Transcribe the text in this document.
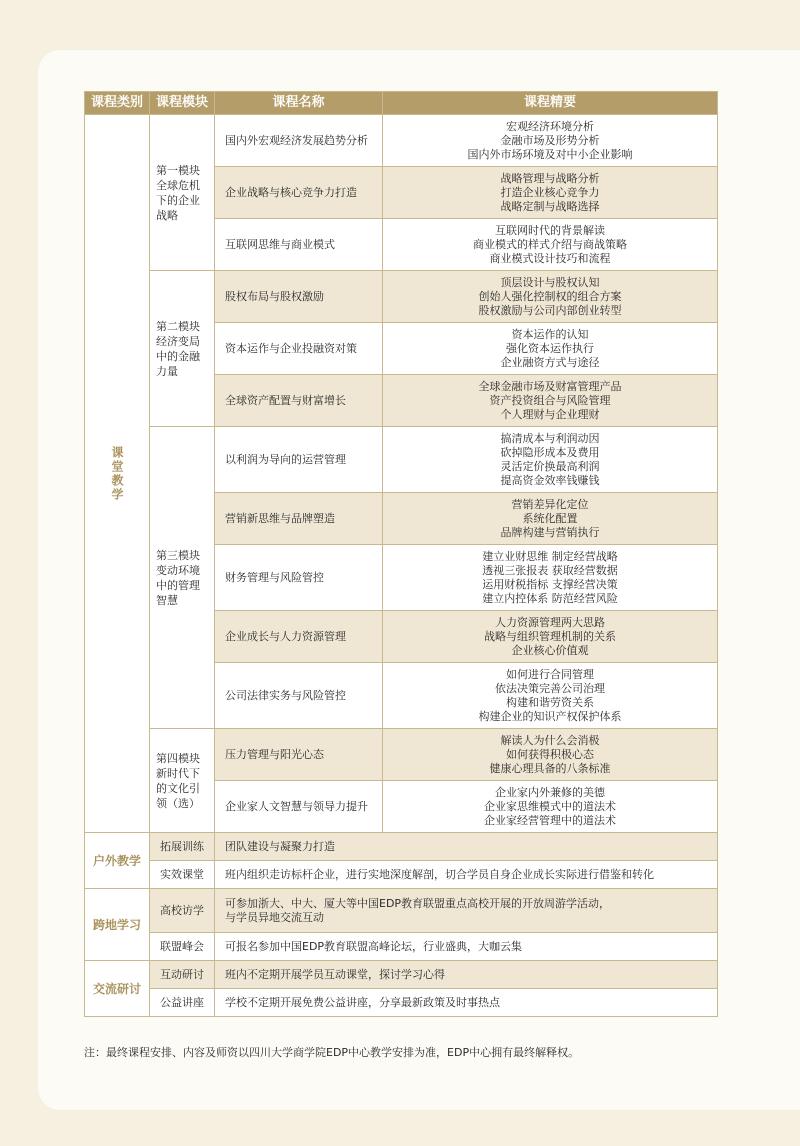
课程类别	课程模块	课程名称	课程精要

课堂教学	第一模块全球危机下的企业战略	国内外宏观经济发展趋势分析	宏观经济环境分析
金融市场及形势分析
国内外市场环境及对中小企业影响

		企业战略与核心竞争力打造	战略管理与战略分析
打造企业核心竞争力
战略定制与战略选择

		互联网思维与商业模式	互联网时代的背景解读
商业模式的样式介绍与商战策略
商业模式设计技巧和流程

	第二模块经济变局中的金融力量	股权布局与股权激励	顶层设计与股权认知
创始人强化控制权的组合方案
股权激励与公司内部创业转型

		资本运作与企业投融资对策	资本运作的认知
强化资本运作执行
企业融资方式与途径

		全球资产配置与财富增长	全球金融市场及财富管理产品
资产投资组合与风险管理
个人理财与企业理财

	第三模块变动环境中的管理智慧	以利润为导向的运营管理	搞清成本与利润动因
砍掉隐形成本及费用
灵活定价换最高利润
提高资金效率钱赚钱

		营销新思维与品牌塑造	营销差异化定位
系统化配置
品牌构建与营销执行

		财务管理与风险管控	建立业财思维 制定经营战略
透视三张报表 获取经营数据
运用财税指标 支撑经营决策
建立内控体系 防范经营风险

		企业成长与人力资源管理	人力资源管理两大思路
战略与组织管理机制的关系
企业核心价值观

		公司法律实务与风险管控	如何进行合同管理
依法决策完善公司治理
构建和谐劳资关系
构建企业的知识产权保护体系

	第四模块新时代下的文化引领（选）	压力管理与阳光心态	解读人为什么会消极
如何获得积极心态
健康心理具备的八条标准

		企业家人文智慧与领导力提升	企业家内外兼修的美德
企业家思维模式中的道法术
企业家经营管理中的道法术

户外教学	拓展训练	团队建设与凝聚力打造	

	实效课堂	班内组织走访标杆企业，进行实地深度解剖，切合学员自身企业成长实际进行借鉴和转化	

跨地学习	高校访学	可参加浙大、中大、厦大等中国EDP教育联盟重点高校开展的开放周游学活动，
与学员异地交流互动	

	联盟峰会	可报名参加中国EDP教育联盟高峰论坛，行业盛典，大咖云集	

交流研讨	互动研讨	班内不定期开展学员互动课堂，探讨学习心得	

	公益讲座	学校不定期开展免费公益讲座，分享最新政策及时事热点	
注：最终课程安排、内容及师资以四川大学商学院EDP中心教学安排为准，EDP中心拥有最终解释权。
